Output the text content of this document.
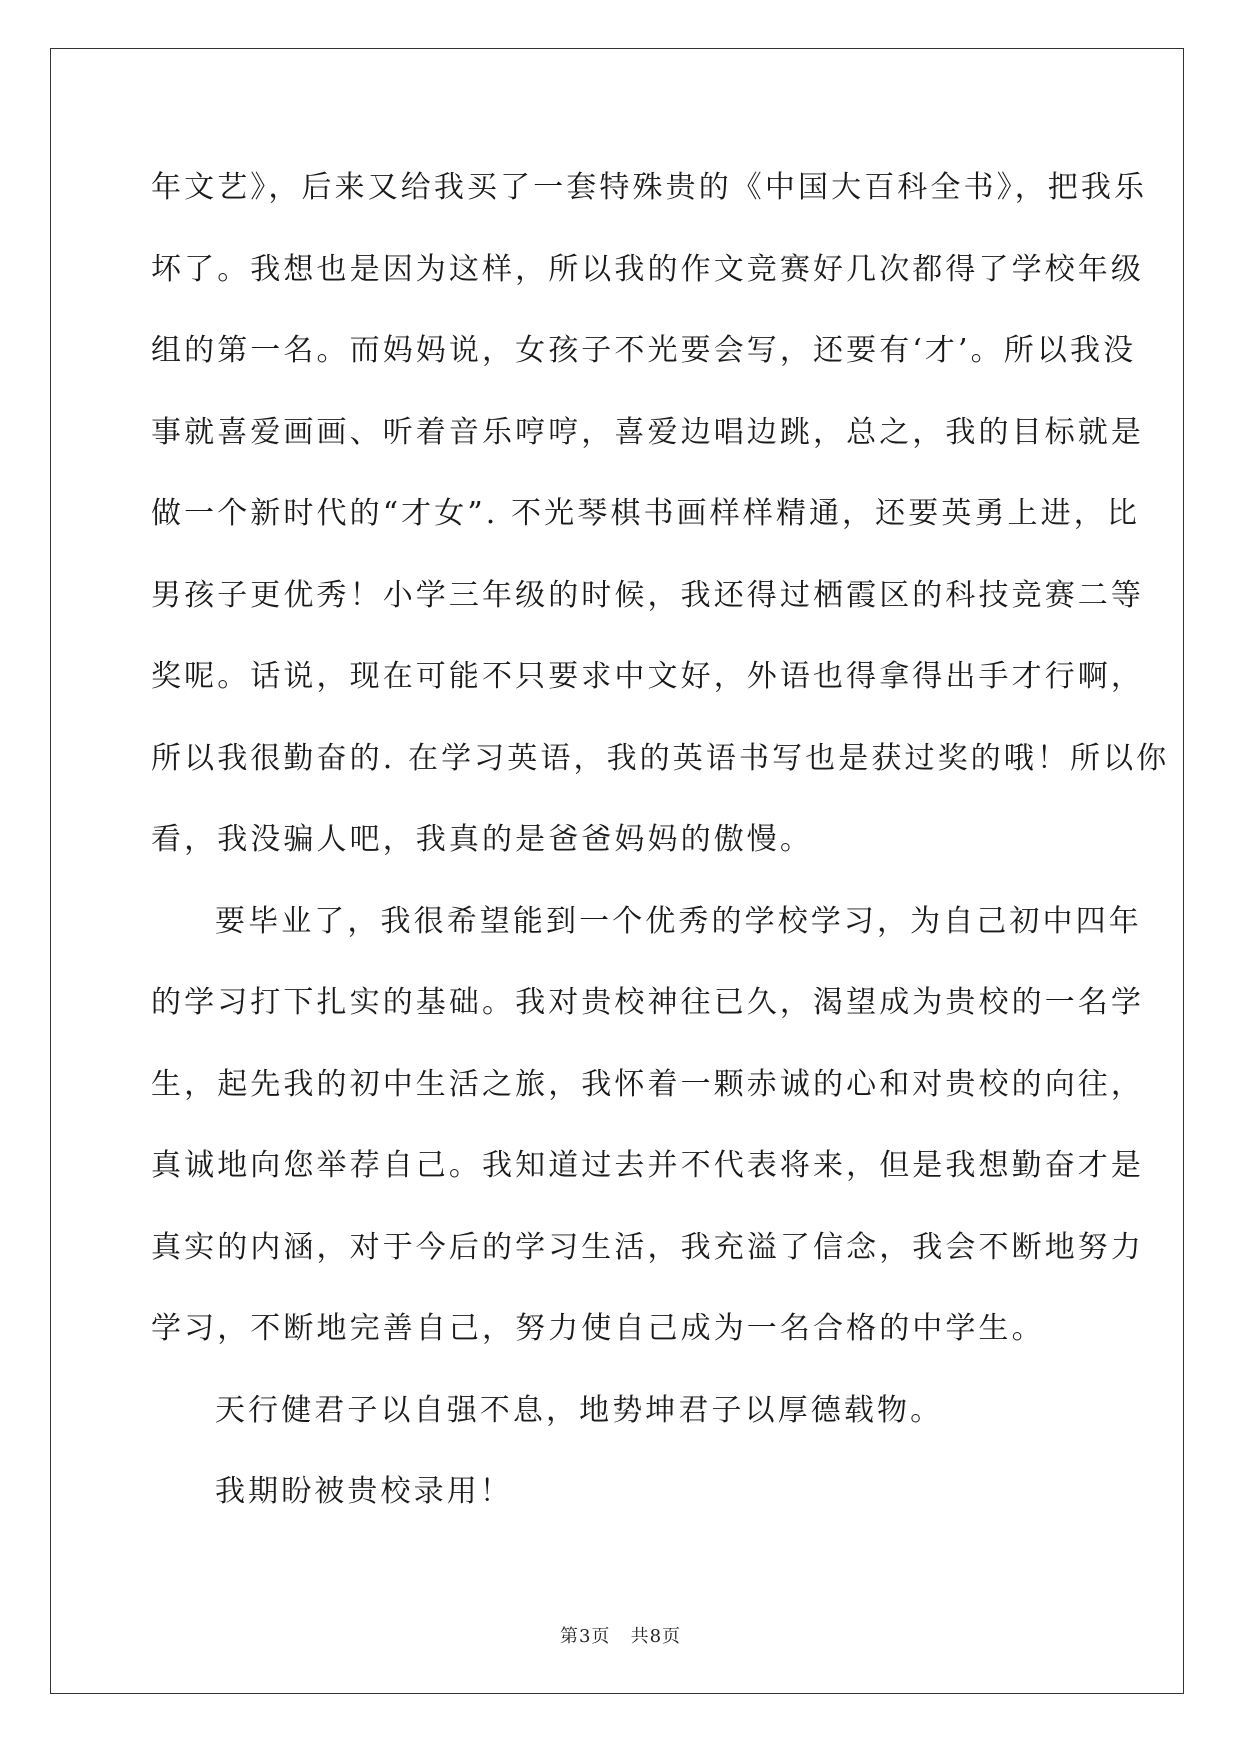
年文艺》，后来又给我买了一套特殊贵的《中国大百科全书》，把我乐
坏了。我想也是因为这样，所以我的作文竞赛好几次都得了学校年级
组的第一名。而妈妈说，女孩子不光要会写，还要有‘才’。所以我没
事就喜爱画画、听着音乐哼哼，喜爱边唱边跳，总之，我的目标就是
做一个新时代的“才女”. 不光琴棋书画样样精通，还要英勇上进，比
男孩子更优秀！小学三年级的时候，我还得过栖霞区的科技竞赛二等
奖呢。话说，现在可能不只要求中文好，外语也得拿得出手才行啊，
所以我很勤奋的. 在学习英语，我的英语书写也是获过奖的哦！所以你
看，我没骗人吧，我真的是爸爸妈妈的傲慢。
要毕业了，我很希望能到一个优秀的学校学习，为自己初中四年
的学习打下扎实的基础。我对贵校神往已久，渴望成为贵校的一名学
生，起先我的初中生活之旅，我怀着一颗赤诚的心和对贵校的向往，
真诚地向您举荐自己。我知道过去并不代表将来，但是我想勤奋才是
真实的内涵，对于今后的学习生活，我充溢了信念，我会不断地努力
学习，不断地完善自己，努力使自己成为一名合格的中学生。
天行健君子以自强不息，地势坤君子以厚德载物。
我期盼被贵校录用！
第3页 共8页
